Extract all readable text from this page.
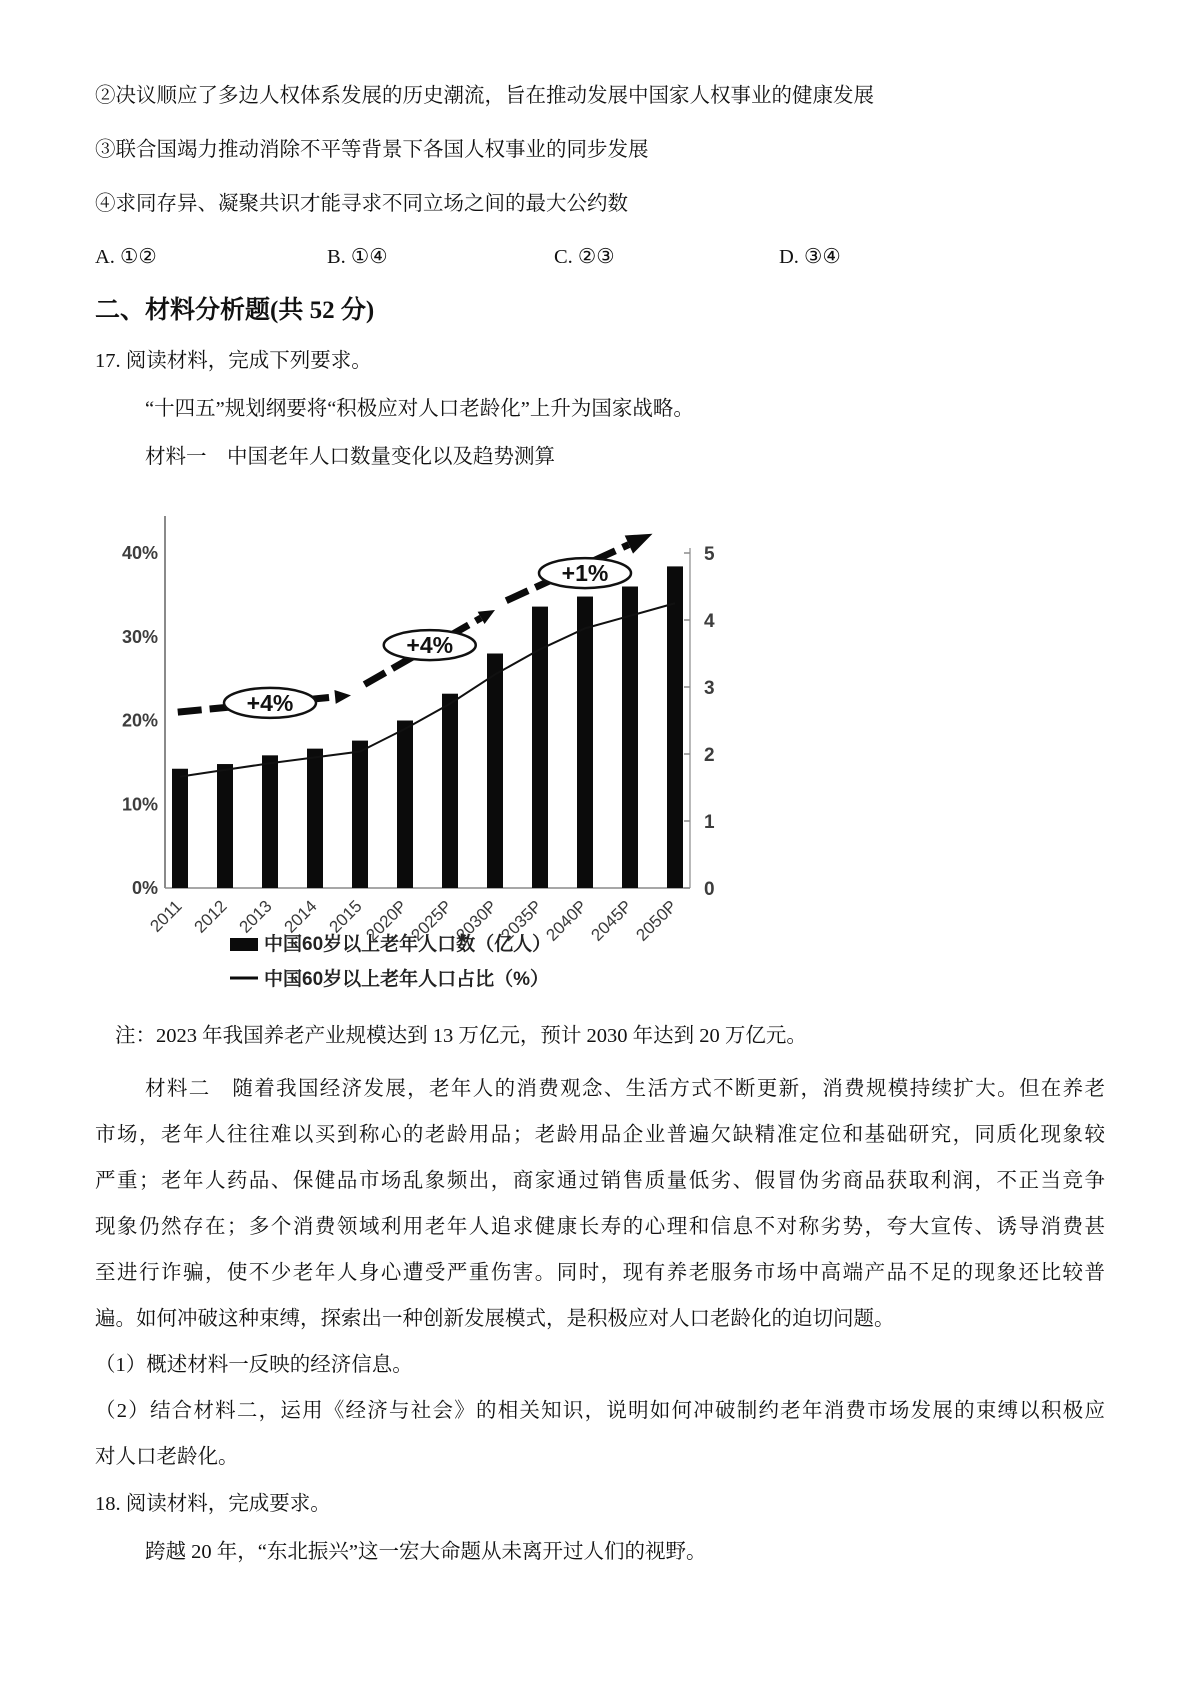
②决议顺应了多边人权体系发展的历史潮流，旨在推动发展中国家人权事业的健康发展

③联合国竭力推动消除不平等背景下各国人权事业的同步发展

④求同存异、凝聚共识才能寻求不同立场之间的最大公约数

A. ①②	B. ①④	C. ②③	D. ③④
二、材料分析题(共 52 分)

17. 阅读材料，完成下列要求。

“十四五”规划纲要将“积极应对人口老龄化”上升为国家战略。

材料一　中国老年人口数量变化以及趋势测算

0%
10%
20%
30%
40%
0
1
2
3
4
5
2011 2012 2013 2014 2015
2020P
2025P
2030P
2035P
2040P
2045P
2050P
+4%
+4%
+1%
中国60岁以上老年人口数（亿人）
中国60岁以上老年人口占比（%）

注：2023 年我国养老产业规模达到 13 万亿元，预计 2030 年达到 20 万亿元。

材料二　随着我国经济发展，老年人的消费观念、生活方式不断更新，消费规模持续扩大。但在养老

市场，老年人往往难以买到称心的老龄用品；老龄用品企业普遍欠缺精准定位和基础研究，同质化现象较

严重；老年人药品、保健品市场乱象频出，商家通过销售质量低劣、假冒伪劣商品获取利润，不正当竞争

现象仍然存在；多个消费领域利用老年人追求健康长寿的心理和信息不对称劣势，夸大宣传、诱导消费甚

至进行诈骗，使不少老年人身心遭受严重伤害。同时，现有养老服务市场中高端产品不足的现象还比较普

遍。如何冲破这种束缚，探索出一种创新发展模式，是积极应对人口老龄化的迫切问题。

（1）概述材料一反映的经济信息。

（2）结合材料二，运用《经济与社会》的相关知识，说明如何冲破制约老年消费市场发展的束缚以积极应

对人口老龄化。

18. 阅读材料，完成要求。

跨越 20 年，“东北振兴”这一宏大命题从未离开过人们的视野。
